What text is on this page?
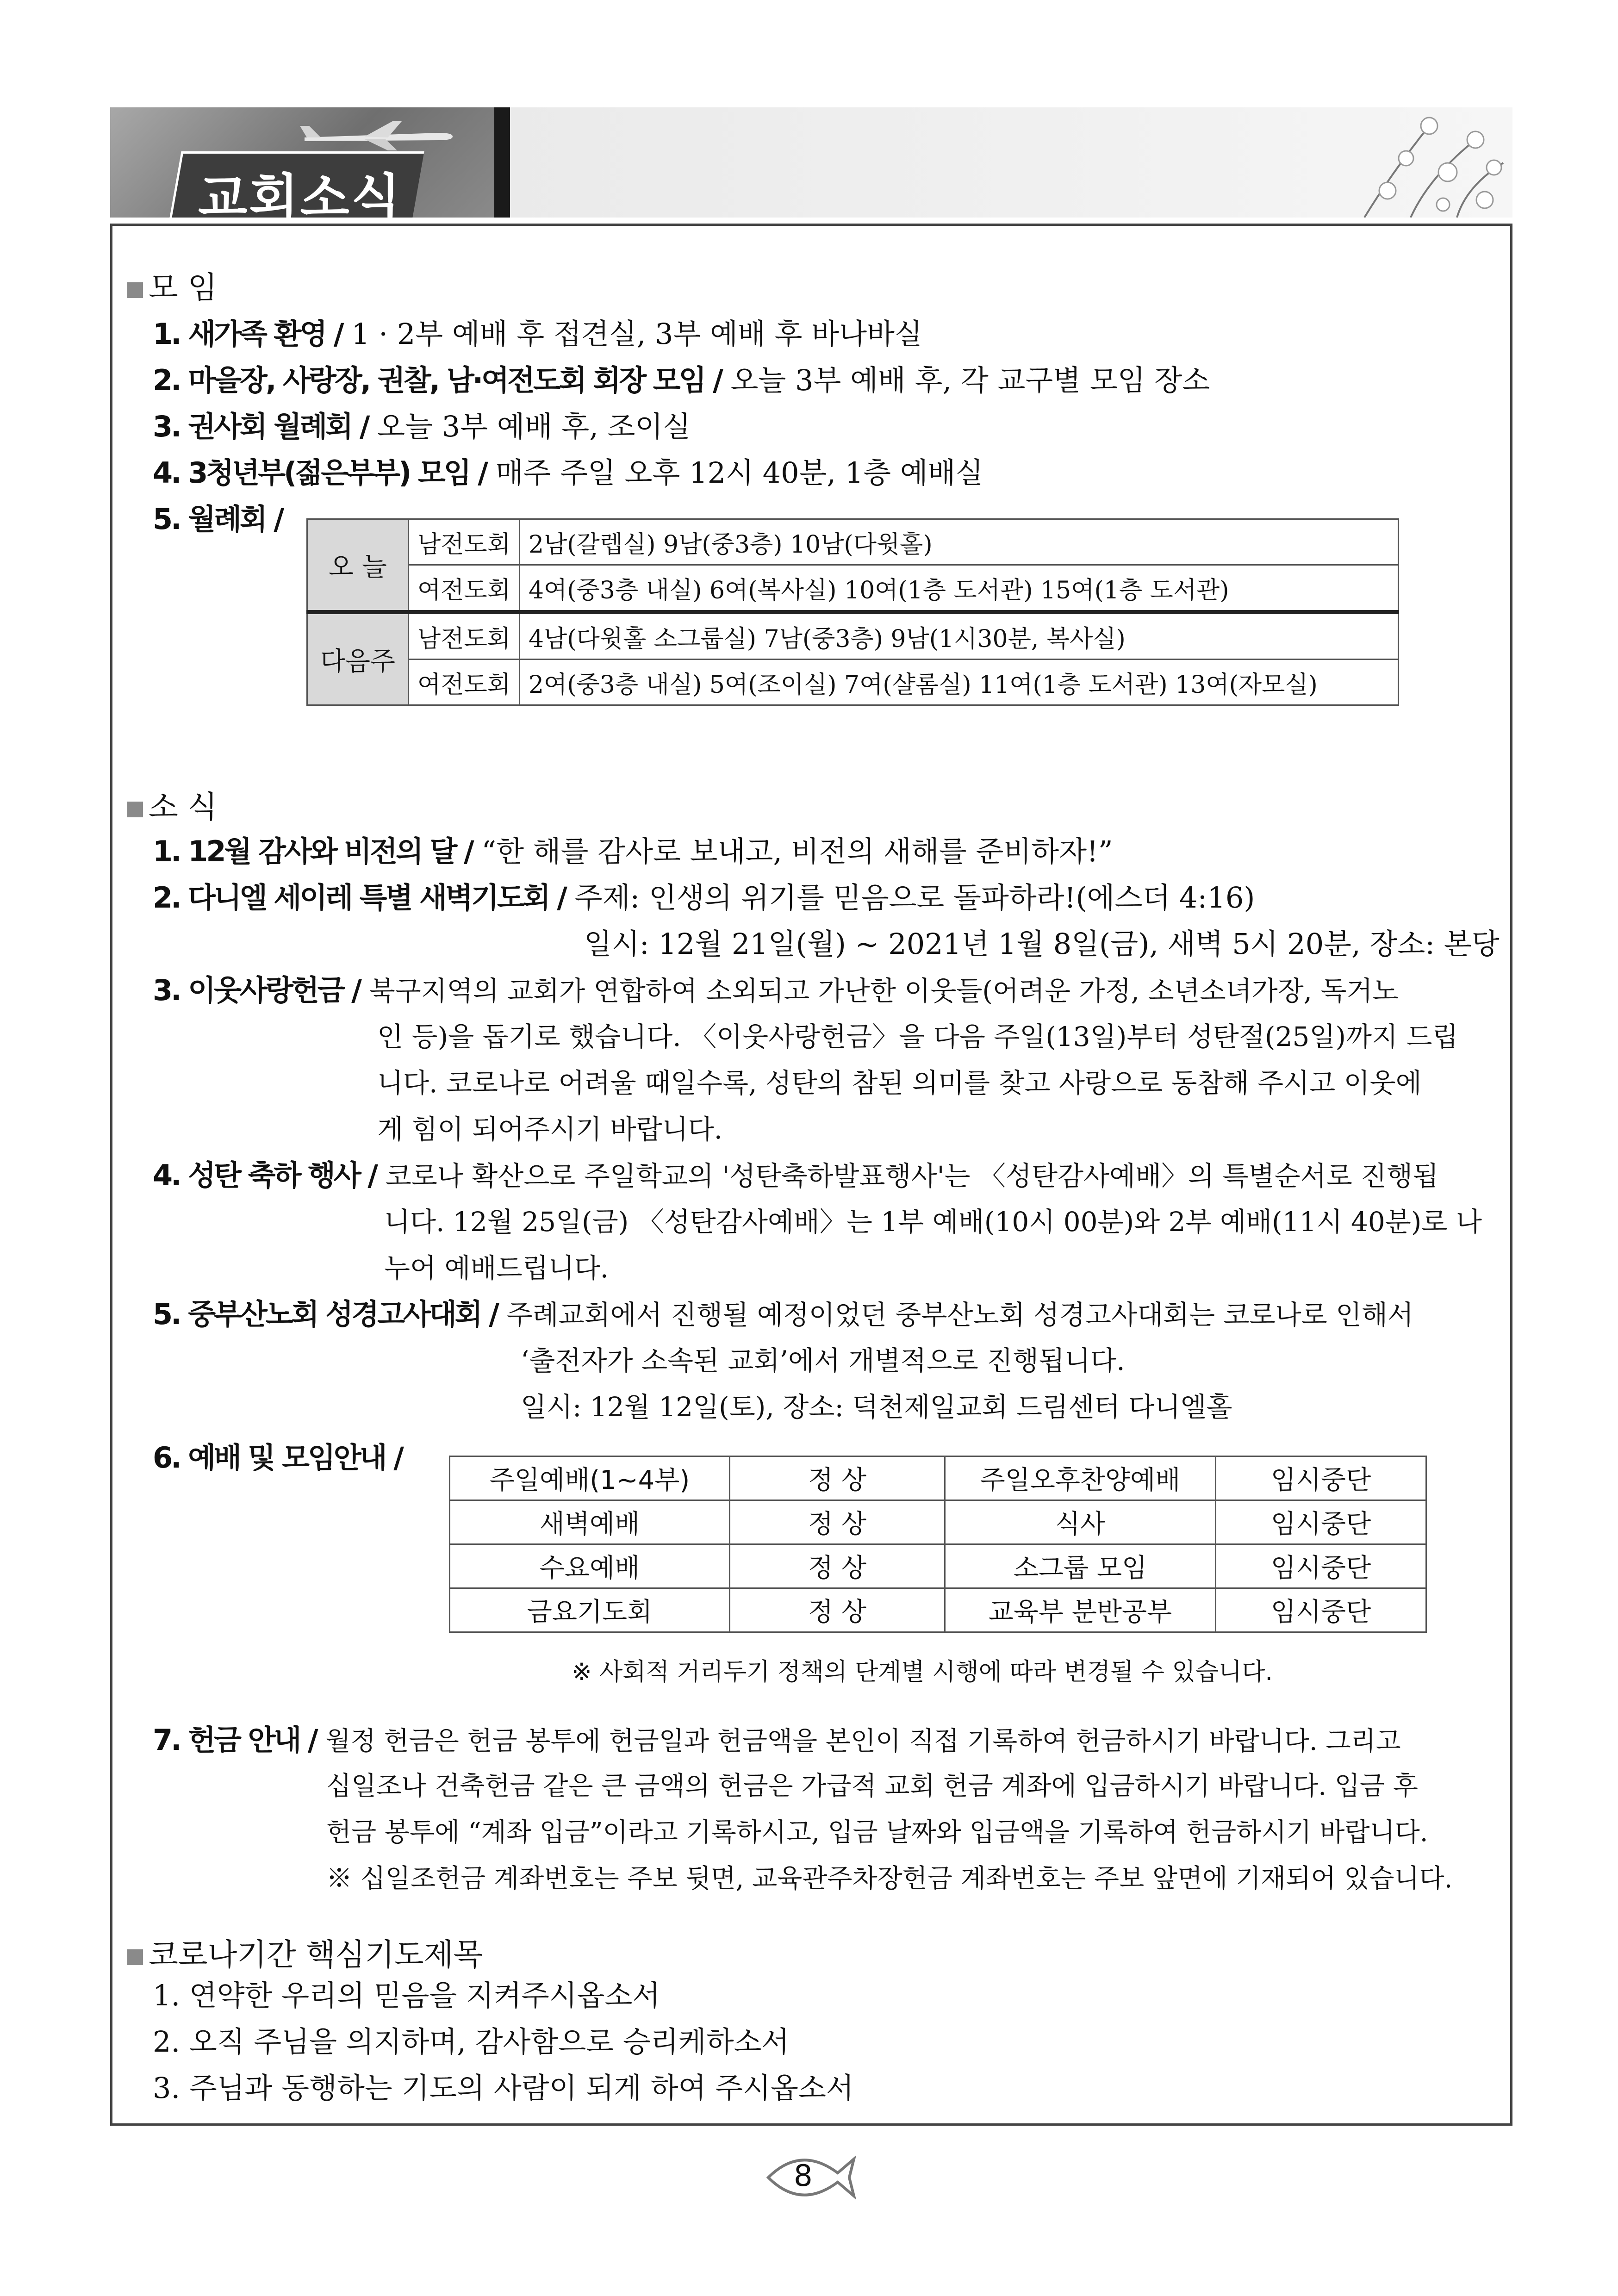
교회소식
모 임
1. 새가족 환영 / 1 · 2부 예배 후 접견실, 3부 예배 후 바나바실
2. 마을장, 사랑장, 권찰, 남·여전도회 회장 모임 / 오늘 3부 예배 후, 각 교구별 모임 장소
3. 권사회 월례회 / 오늘 3부 예배 후, 조이실
4. 3청년부(젊은부부) 모임 / 매주 주일 오후 12시 40분, 1층 예배실
5. 월례회 /
오 늘	남전도회	2남(갈렙실) 9남(중3층) 10남(다윗홀)
	여전도회	4여(중3층 내실) 6여(복사실) 10여(1층 도서관) 15여(1층 도서관)
다음주	남전도회	4남(다윗홀 소그룹실) 7남(중3층) 9남(1시30분, 복사실)
	여전도회	2여(중3층 내실) 5여(조이실) 7여(샬롬실) 11여(1층 도서관) 13여(자모실)
소 식
1. 12월 감사와 비전의 달 / “한 해를 감사로 보내고, 비전의 새해를 준비하자!”
2. 다니엘 세이레 특별 새벽기도회 / 주제: 인생의 위기를 믿음으로 돌파하라!(에스더 4:16)
일시: 12월 21일(월) ~ 2021년 1월 8일(금), 새벽 5시 20분, 장소: 본당
3. 이웃사랑헌금 / 북구지역의 교회가 연합하여 소외되고 가난한 이웃들(어려운 가정, 소년소녀가장, 독거노
인 등)을 돕기로 했습니다. 〈이웃사랑헌금〉을 다음 주일(13일)부터 성탄절(25일)까지 드립
니다. 코로나로 어려울 때일수록, 성탄의 참된 의미를 찾고 사랑으로 동참해 주시고 이웃에
게 힘이 되어주시기 바랍니다.
4. 성탄 축하 행사 / 코로나 확산으로 주일학교의 '성탄축하발표행사'는 〈성탄감사예배〉의 특별순서로 진행됩
니다. 12월 25일(금) 〈성탄감사예배〉는 1부 예배(10시 00분)와 2부 예배(11시 40분)로 나
누어 예배드립니다.
5. 중부산노회 성경고사대회 / 주례교회에서 진행될 예정이었던 중부산노회 성경고사대회는 코로나로 인해서
‘출전자가 소속된 교회’에서 개별적으로 진행됩니다.
일시: 12월 12일(토), 장소: 덕천제일교회 드림센터 다니엘홀
6. 예배 및 모임안내 /
주일예배(1~4부)	정 상	주일오후찬양예배	임시중단
새벽예배	정 상	식사	임시중단
수요예배	정 상	소그룹 모임	임시중단
금요기도회	정 상	교육부 분반공부	임시중단
※ 사회적 거리두기 정책의 단계별 시행에 따라 변경될 수 있습니다.
7. 헌금 안내 / 월정 헌금은 헌금 봉투에 헌금일과 헌금액을 본인이 직접 기록하여 헌금하시기 바랍니다. 그리고
십일조나 건축헌금 같은 큰 금액의 헌금은 가급적 교회 헌금 계좌에 입금하시기 바랍니다. 입금 후
헌금 봉투에 “계좌 입금”이라고 기록하시고, 입금 날짜와 입금액을 기록하여 헌금하시기 바랍니다.
※ 십일조헌금 계좌번호는 주보 뒷면, 교육관주차장헌금 계좌번호는 주보 앞면에 기재되어 있습니다.
코로나기간 핵심기도제목
1. 연약한 우리의 믿음을 지켜주시옵소서
2. 오직 주님을 의지하며, 감사함으로 승리케하소서
3. 주님과 동행하는 기도의 사람이 되게 하여 주시옵소서
8
